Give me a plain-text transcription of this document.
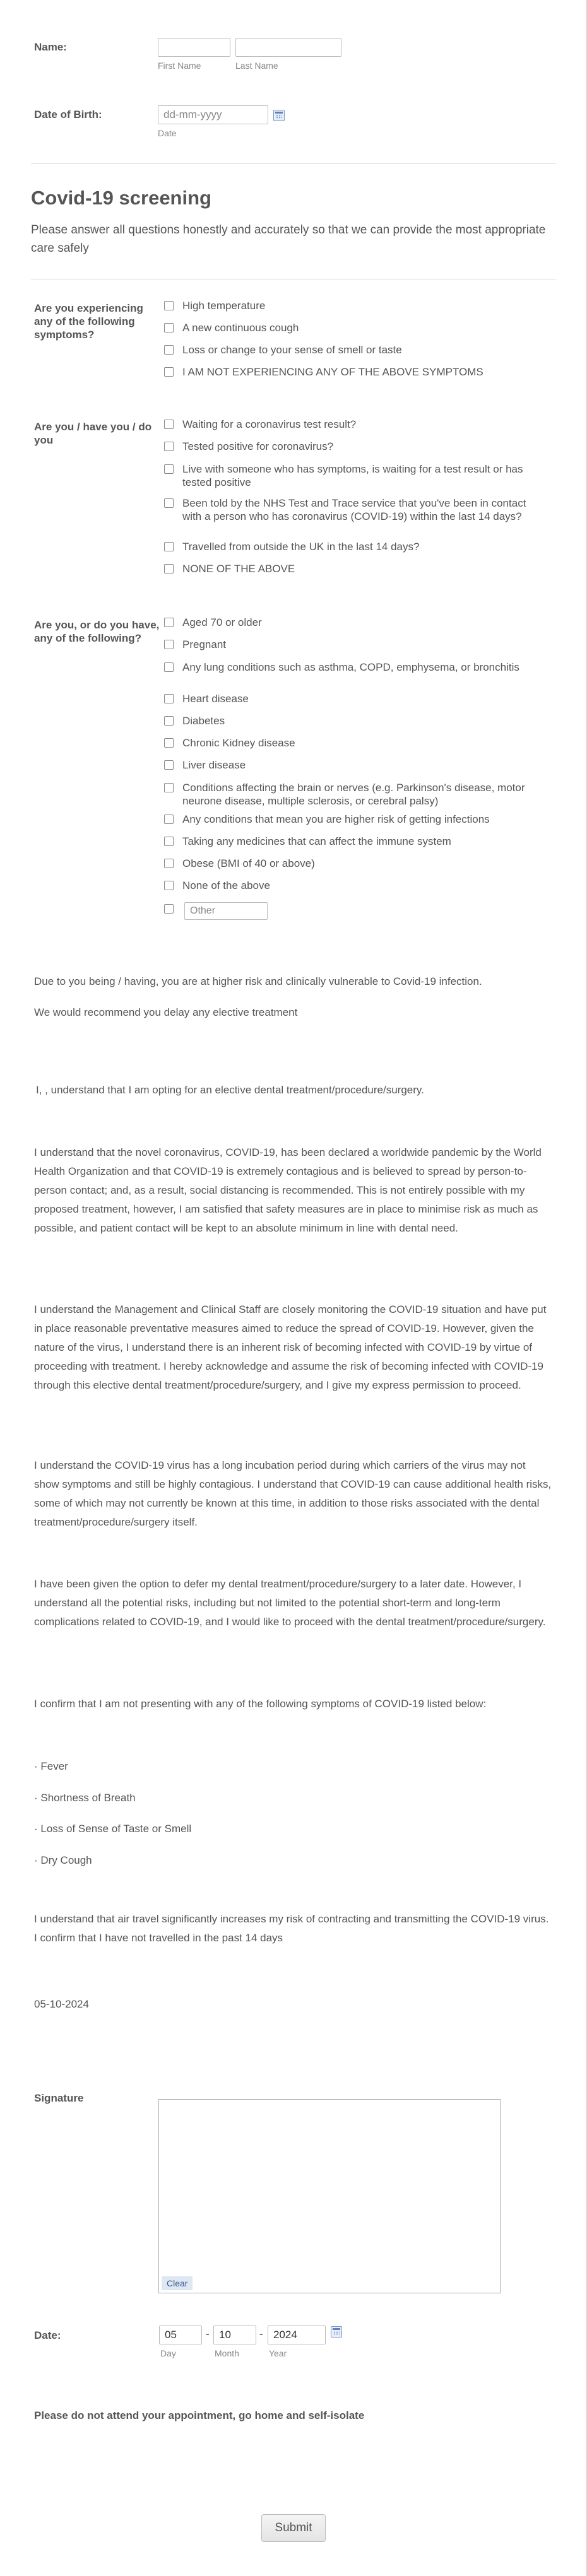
Name:
First Name	Last Name
Date of Birth:
dd-mm-yyyy
Date
Covid-19 screening
Please answer all questions honestly and accurately so that we can provide the most appropriate care safely
Are you experiencing any of the following symptoms?
High temperature
A new continuous cough
Loss or change to your sense of smell or taste
I AM NOT EXPERIENCING ANY OF THE ABOVE SYMPTOMS
Are you / have you / do you
Waiting for a coronavirus test result?
Tested positive for coronavirus?
Live with someone who has symptoms, is waiting for a test result or has tested positive
Been told by the NHS Test and Trace service that you've been in contact with a person who has coronavirus (COVID-19) within the last 14 days?
Travelled from outside the UK in the last 14 days?
NONE OF THE ABOVE
Are you, or do you have, any of the following?
Aged 70 or older
Pregnant
Any lung conditions such as asthma, COPD, emphysema, or bronchitis
Heart disease
Diabetes
Chronic Kidney disease
Liver disease
Conditions affecting the brain or nerves (e.g. Parkinson's disease, motor neurone disease, multiple sclerosis, or cerebral palsy)
Any conditions that mean you are higher risk of getting infections
Taking any medicines that can affect the immune system
Obese (BMI of 40 or above)
None of the above
Other
Due to you being / having, you are at higher risk and clinically vulnerable to Covid-19 infection.
We would recommend you delay any elective treatment
I, , understand that I am opting for an elective dental treatment/procedure/surgery.
I understand that the novel coronavirus, COVID-19, has been declared a worldwide pandemic by the World Health Organization and that COVID-19 is extremely contagious and is believed to spread by person-to-person contact; and, as a result, social distancing is recommended. This is not entirely possible with my proposed treatment, however, I am satisfied that safety measures are in place to minimise risk as much as possible, and patient contact will be kept to an absolute minimum in line with dental need.
I understand the Management and Clinical Staff are closely monitoring the COVID-19 situation and have put in place reasonable preventative measures aimed to reduce the spread of COVID-19. However, given the nature of the virus, I understand there is an inherent risk of becoming infected with COVID-19 by virtue of proceeding with treatment. I hereby acknowledge and assume the risk of becoming infected with COVID-19 through this elective dental treatment/procedure/surgery, and I give my express permission to proceed.
I understand the COVID-19 virus has a long incubation period during which carriers of the virus may not show symptoms and still be highly contagious. I understand that COVID-19 can cause additional health risks, some of which may not currently be known at this time, in addition to those risks associated with the dental treatment/procedure/surgery itself.
I have been given the option to defer my dental treatment/procedure/surgery to a later date. However, I understand all the potential risks, including but not limited to the potential short-term and long-term complications related to COVID-19, and I would like to proceed with the dental treatment/procedure/surgery.
I confirm that I am not presenting with any of the following symptoms of COVID-19 listed below:
· Fever
· Shortness of Breath
· Loss of Sense of Taste or Smell
· Dry Cough
I understand that air travel significantly increases my risk of contracting and transmitting the COVID-19 virus. I confirm that I have not travelled in the past 14 days
05-10-2024
Signature
Clear
Date:
05	-
10	-
2024
Day	Month	Year
Please do not attend your appointment, go home and self-isolate
Submit
